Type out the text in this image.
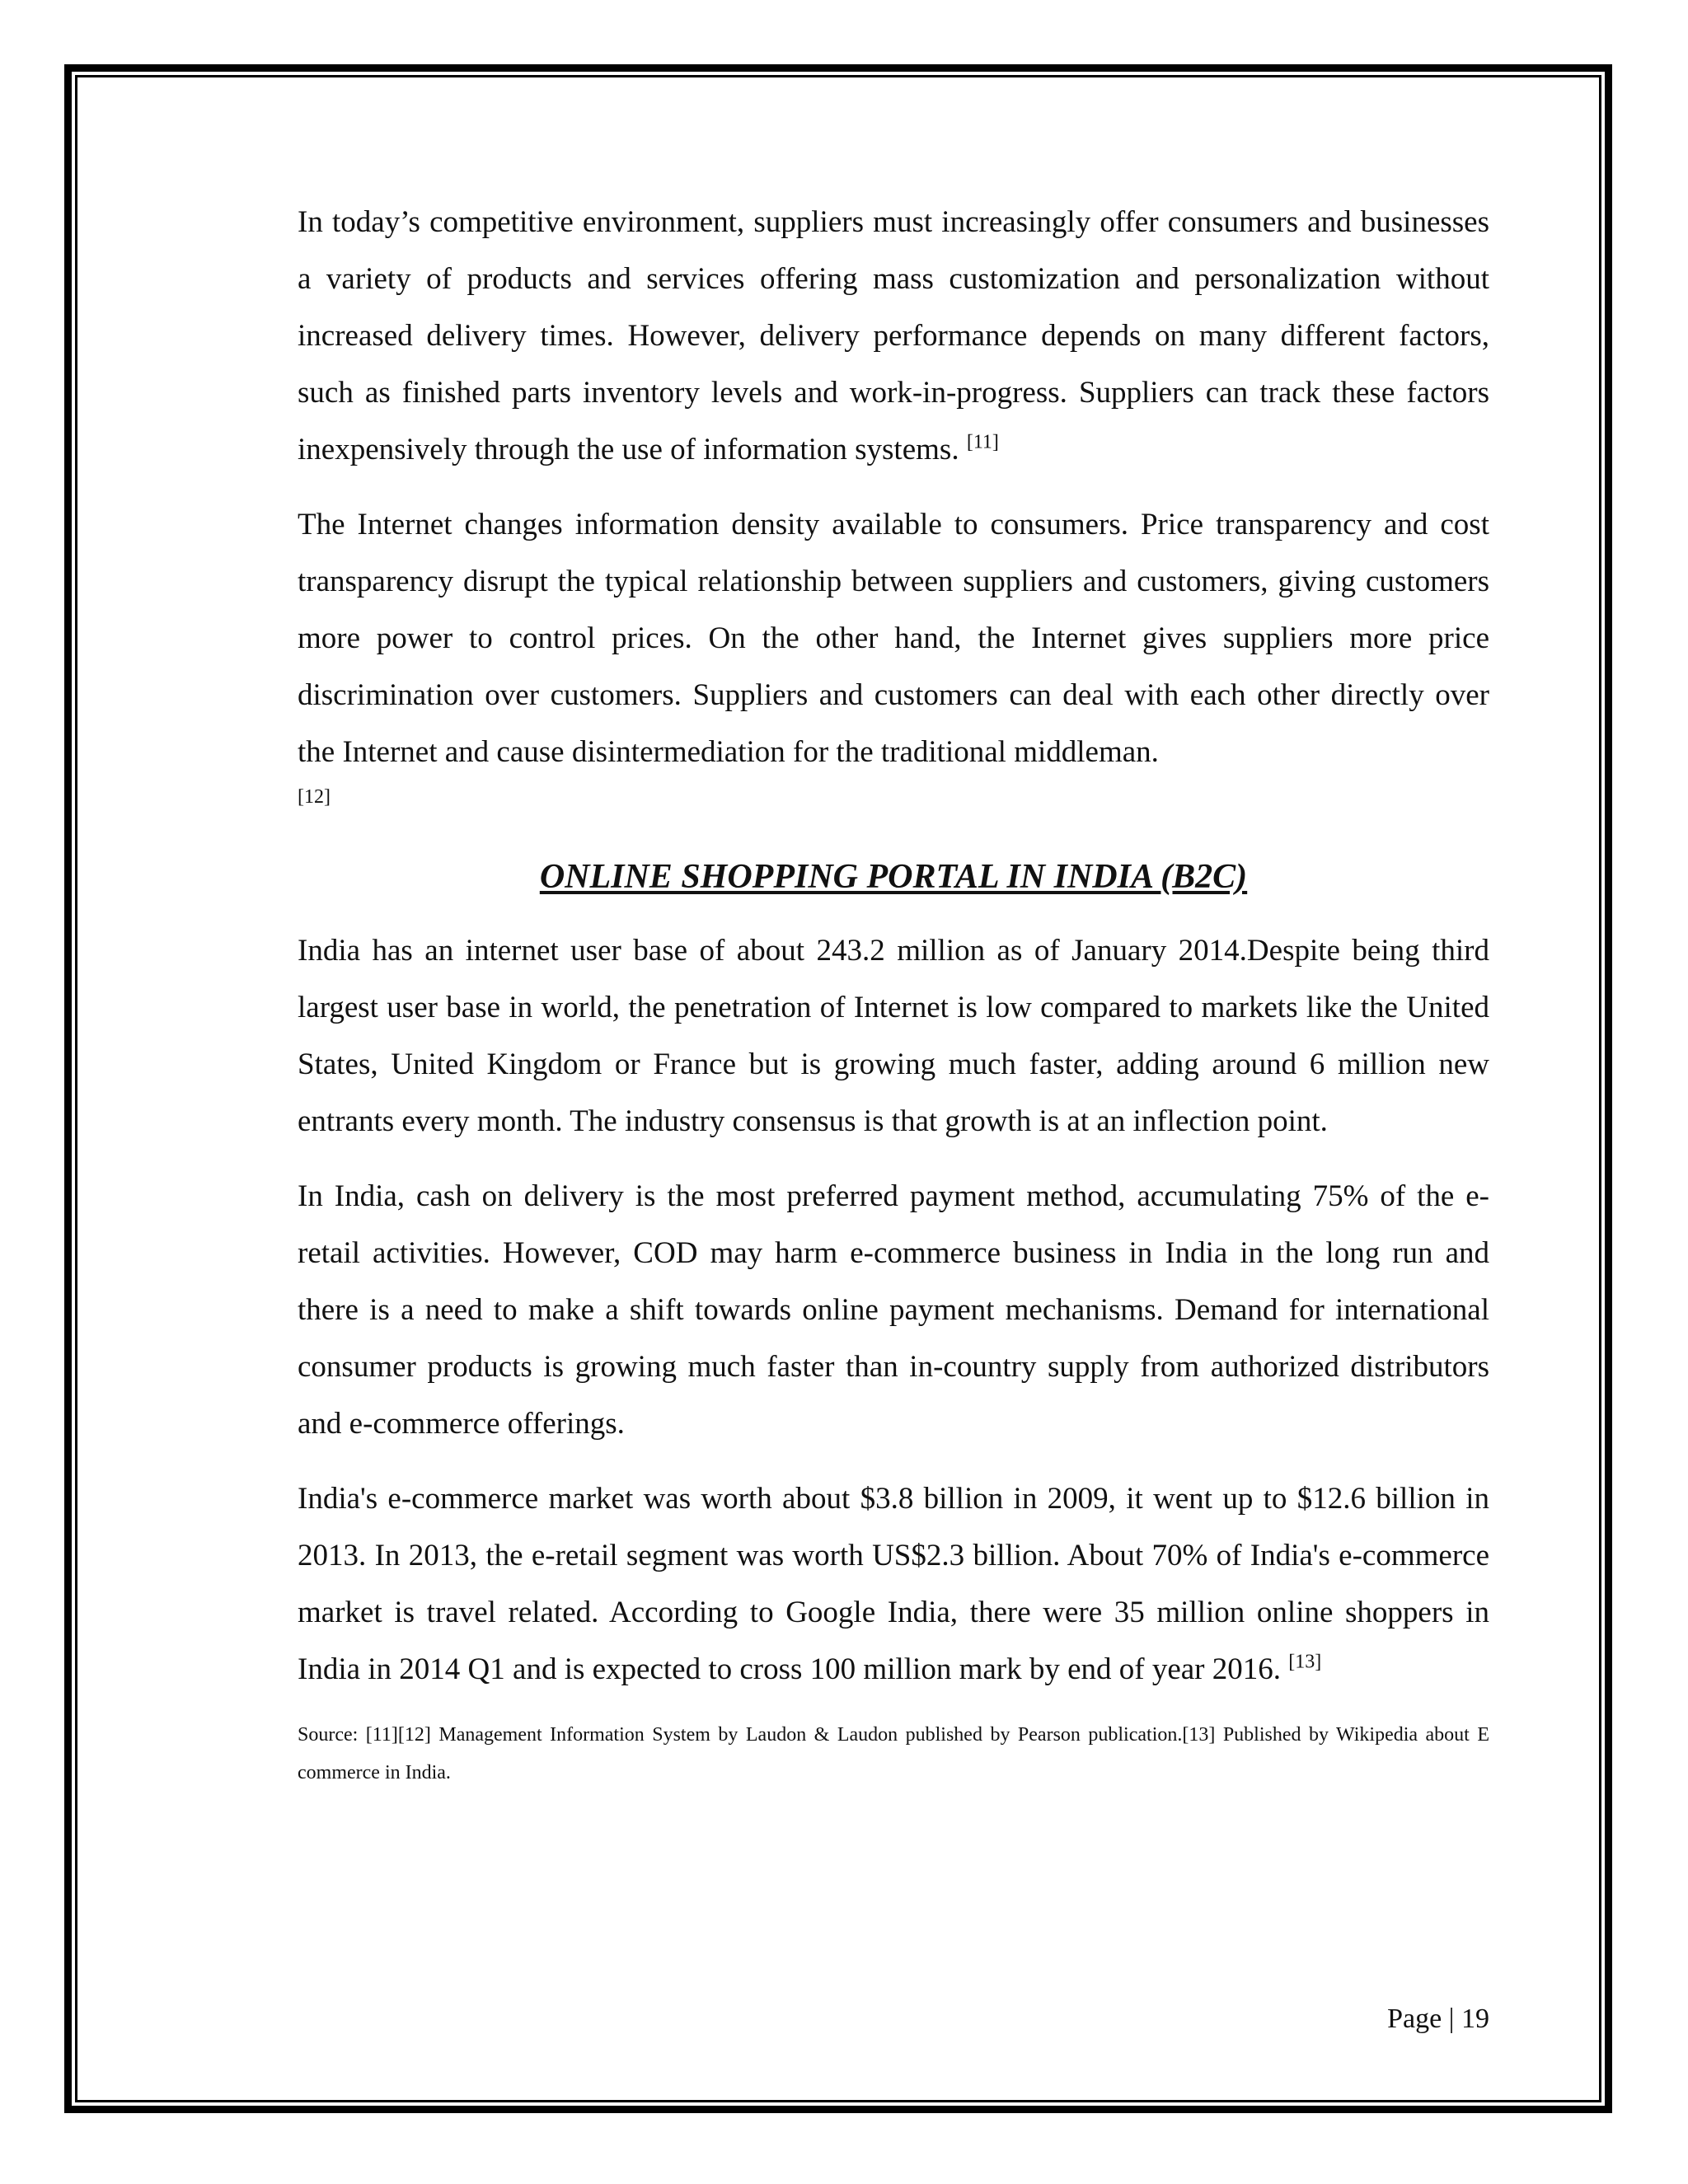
In today’s competitive environment, suppliers must increasingly offer consumers and businesses a variety of products and services offering mass customization and personalization without increased delivery times. However, delivery performance depends on many different factors, such as finished parts inventory levels and work-in-progress. Suppliers can track these factors inexpensively through the use of information systems. [11]

The Internet changes information density available to consumers. Price transparency and cost transparency disrupt the typical relationship between suppliers and customers, giving customers more power to control prices. On the other hand, the Internet gives suppliers more price discrimination over customers. Suppliers and customers can deal with each other directly over the Internet and cause disintermediation for the traditional middleman.

[12]
ONLINE SHOPPING PORTAL IN INDIA (B2C)

India has an internet user base of about 243.2 million as of January 2014.Despite being third largest user base in world, the penetration of Internet is low compared to markets like the United States, United Kingdom or France but is growing much faster, adding around 6 million new entrants every month. The industry consensus is that growth is at an inflection point.

In India, cash on delivery is the most preferred payment method, accumulating 75% of the e-retail activities. However, COD may harm e-commerce business in India in the long run and there is a need to make a shift towards online payment mechanisms. Demand for international consumer products is growing much faster than in-country supply from authorized distributors and e-commerce offerings.

India's e-commerce market was worth about $3.8 billion in 2009, it went up to $12.6 billion in 2013. In 2013, the e-retail segment was worth US$2.3 billion. About 70% of India's e-commerce market is travel related. According to Google India, there were 35 million online shoppers in India in 2014 Q1 and is expected to cross 100 million mark by end of year 2016. [13]

Source: [11][12] Management Information System by Laudon & Laudon published by Pearson publication.[13] Published by Wikipedia about E commerce in India.
Page | 19
